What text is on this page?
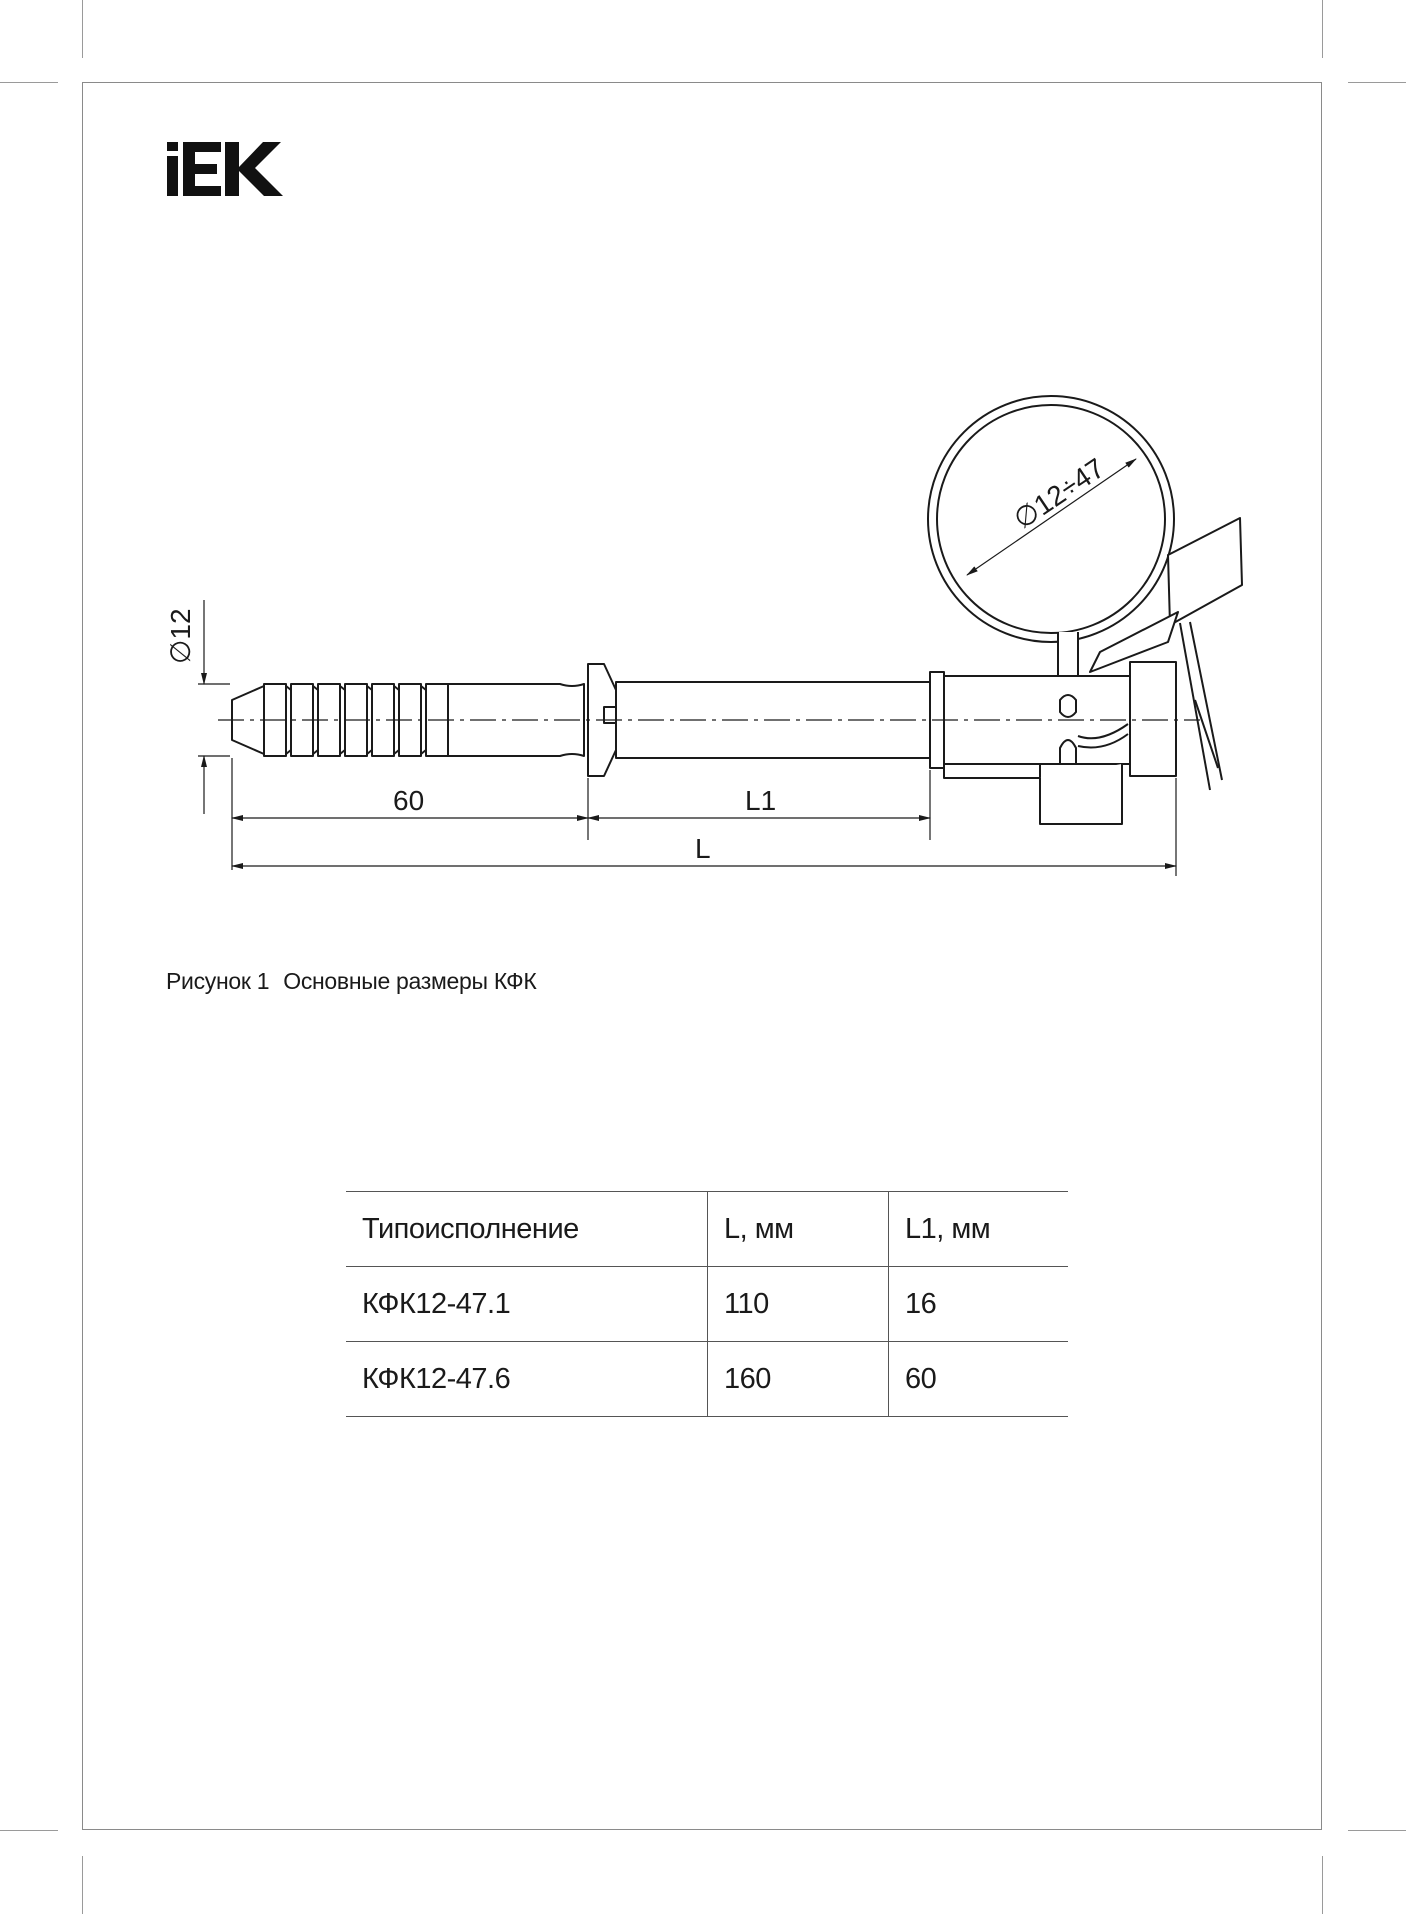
∅12÷47
∅12
60	L1
L
Рисунок 1 Основные размеры КФК
Типоисполнение	L, мм	L1, мм
КФК12-47.1	110	16
КФК12-47.6	160	60
